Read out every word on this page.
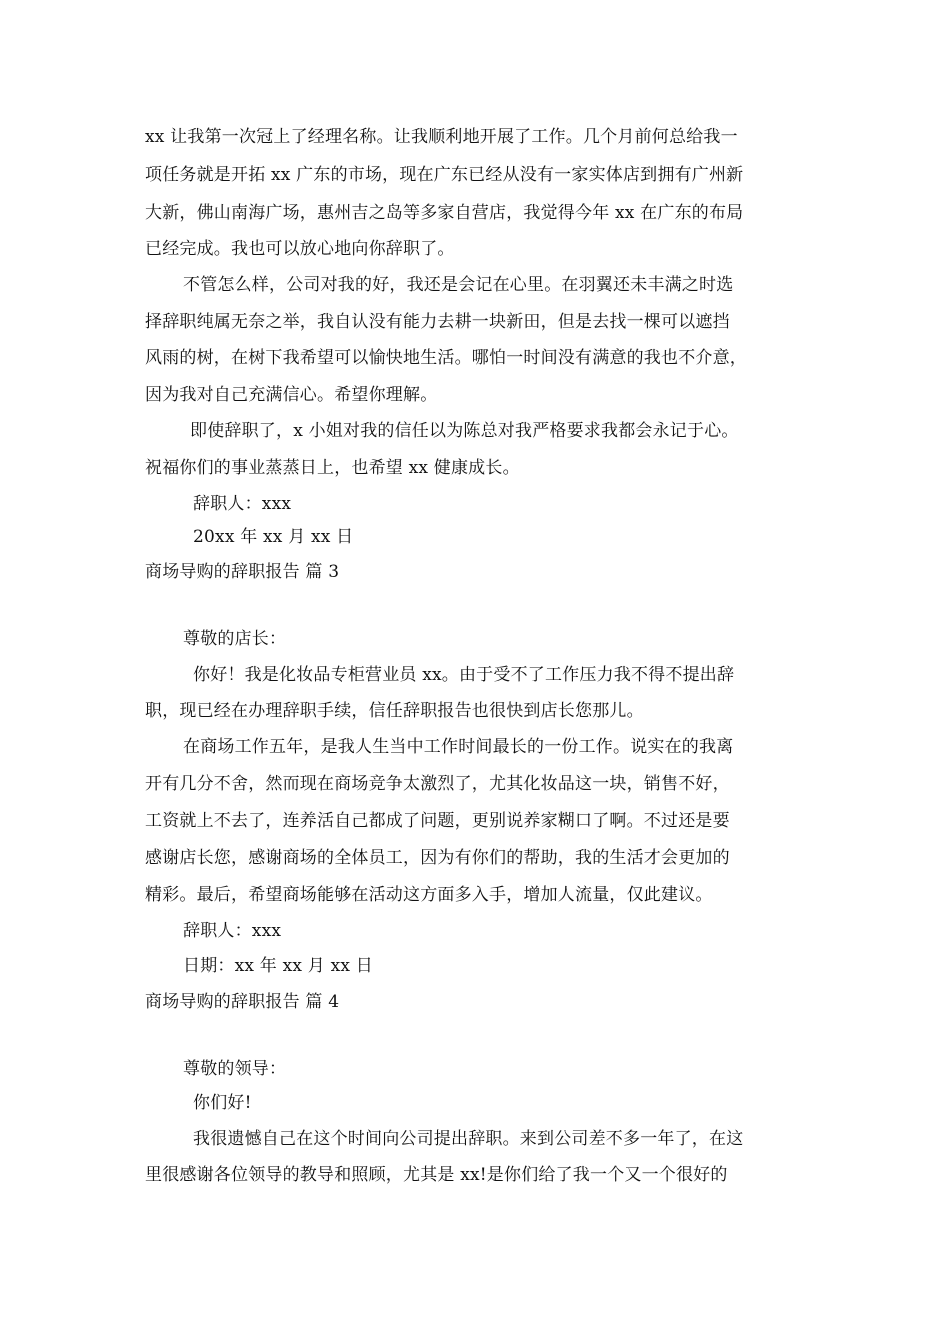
xx 让我第一次冠上了经理名称。让我顺利地开展了工作。几个月前何总给我一
项任务就是开拓 xx 广东的市场，现在广东已经从没有一家实体店到拥有广州新
大新，佛山南海广场，惠州吉之岛等多家自营店，我觉得今年 xx 在广东的布局
已经完成。我也可以放心地向你辞职了。
不管怎么样，公司对我的好，我还是会记在心里。在羽翼还未丰满之时选
择辞职纯属无奈之举，我自认没有能力去耕一块新田，但是去找一棵可以遮挡
风雨的树，在树下我希望可以愉快地生活。哪怕一时间没有满意的我也不介意，
因为我对自己充满信心。希望你理解。
即使辞职了，x 小姐对我的信任以为陈总对我严格要求我都会永记于心。
祝福你们的事业蒸蒸日上，也希望 xx 健康成长。
辞职人：xxx
20xx 年 xx 月 xx 日
商场导购的辞职报告 篇 3
尊敬的店长：
你好！我是化妆品专柜营业员 xx。由于受不了工作压力我不得不提出辞
职，现已经在办理辞职手续，信任辞职报告也很快到店长您那儿。
在商场工作五年，是我人生当中工作时间最长的一份工作。说实在的我离
开有几分不舍，然而现在商场竞争太激烈了，尤其化妆品这一块，销售不好，
工资就上不去了，连养活自己都成了问题，更别说养家糊口了啊。不过还是要
感谢店长您，感谢商场的全体员工，因为有你们的帮助，我的生活才会更加的
精彩。最后，希望商场能够在活动这方面多入手，增加人流量，仅此建议。
辞职人：xxx
日期：xx 年 xx 月 xx 日
商场导购的辞职报告 篇 4
尊敬的领导：
你们好!
我很遗憾自己在这个时间向公司提出辞职。来到公司差不多一年了，在这
里很感谢各位领导的教导和照顾，尤其是 xx!是你们给了我一个又一个很好的
